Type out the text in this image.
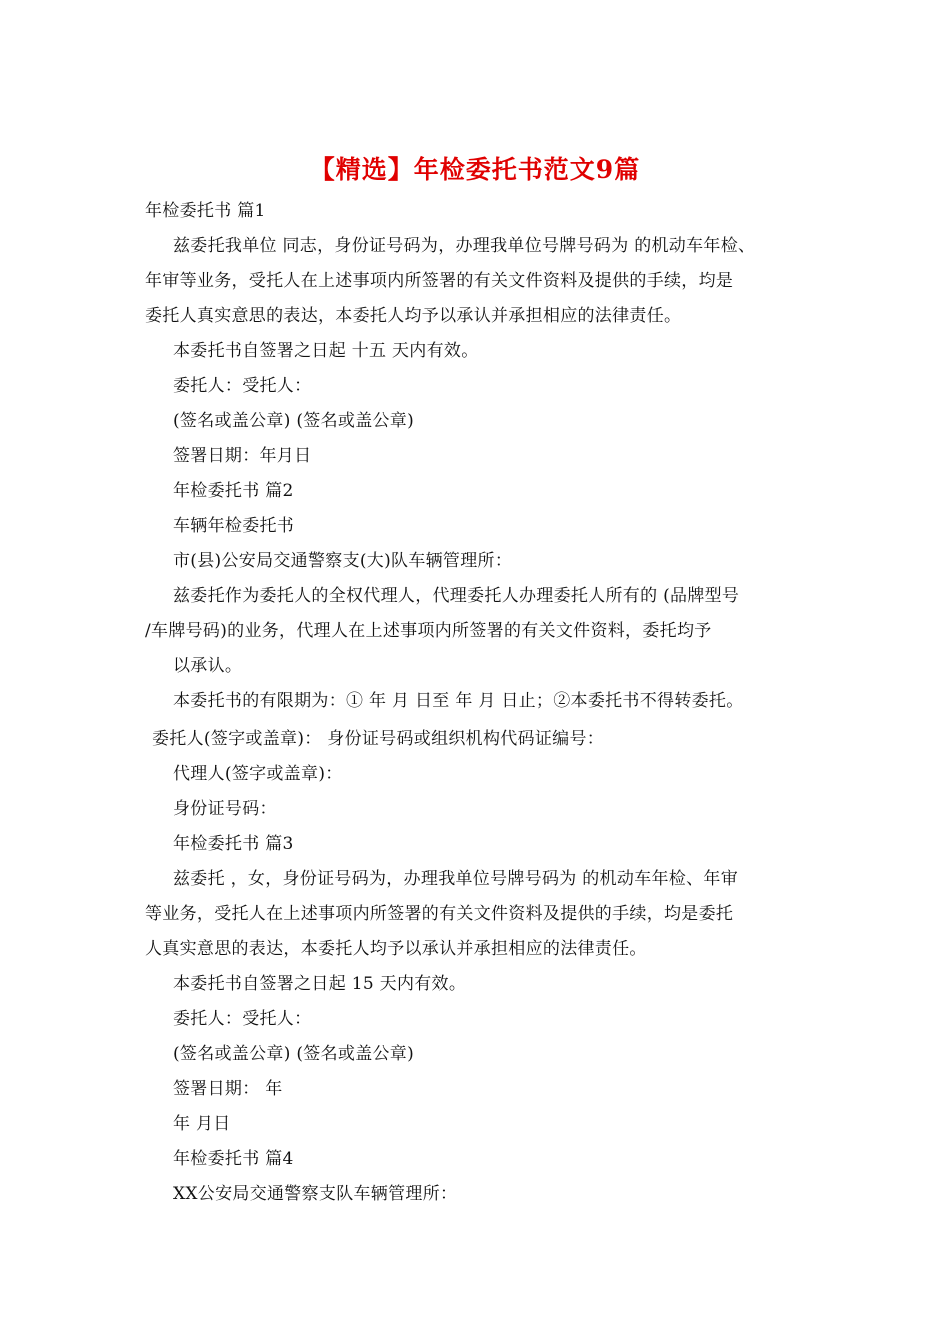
【精选】年检委托书范文9篇
年检委托书 篇1
兹委托我单位 同志，身份证号码为，办理我单位号牌号码为 的机动车年检、
年审等业务，受托人在上述事项内所签署的有关文件资料及提供的手续，均是
委托人真实意思的表达，本委托人均予以承认并承担相应的法律责任。
本委托书自签署之日起 十五 天内有效。
委托人：受托人：
(签名或盖公章) (签名或盖公章)
签署日期：年月日
年检委托书 篇2
车辆年检委托书
市(县)公安局交通警察支(大)队车辆管理所：
兹委托作为委托人的全权代理人，代理委托人办理委托人所有的 (品牌型号
/车牌号码)的业务，代理人在上述事项内所签署的有关文件资料，委托均予
以承认。
本委托书的有限期为：① 年 月 日至 年 月 日止；②本委托书不得转委托。
委托人(签字或盖章)： 身份证号码或组织机构代码证编号：
代理人(签字或盖章)：
身份证号码：
年检委托书 篇3
兹委托 ，女，身份证号码为，办理我单位号牌号码为 的机动车年检、年审
等业务，受托人在上述事项内所签署的有关文件资料及提供的手续，均是委托
人真实意思的表达，本委托人均予以承认并承担相应的法律责任。
本委托书自签署之日起 15 天内有效。
委托人：受托人：
(签名或盖公章) (签名或盖公章)
签署日期： 年
年 月日
年检委托书 篇4
XX公安局交通警察支队车辆管理所：
